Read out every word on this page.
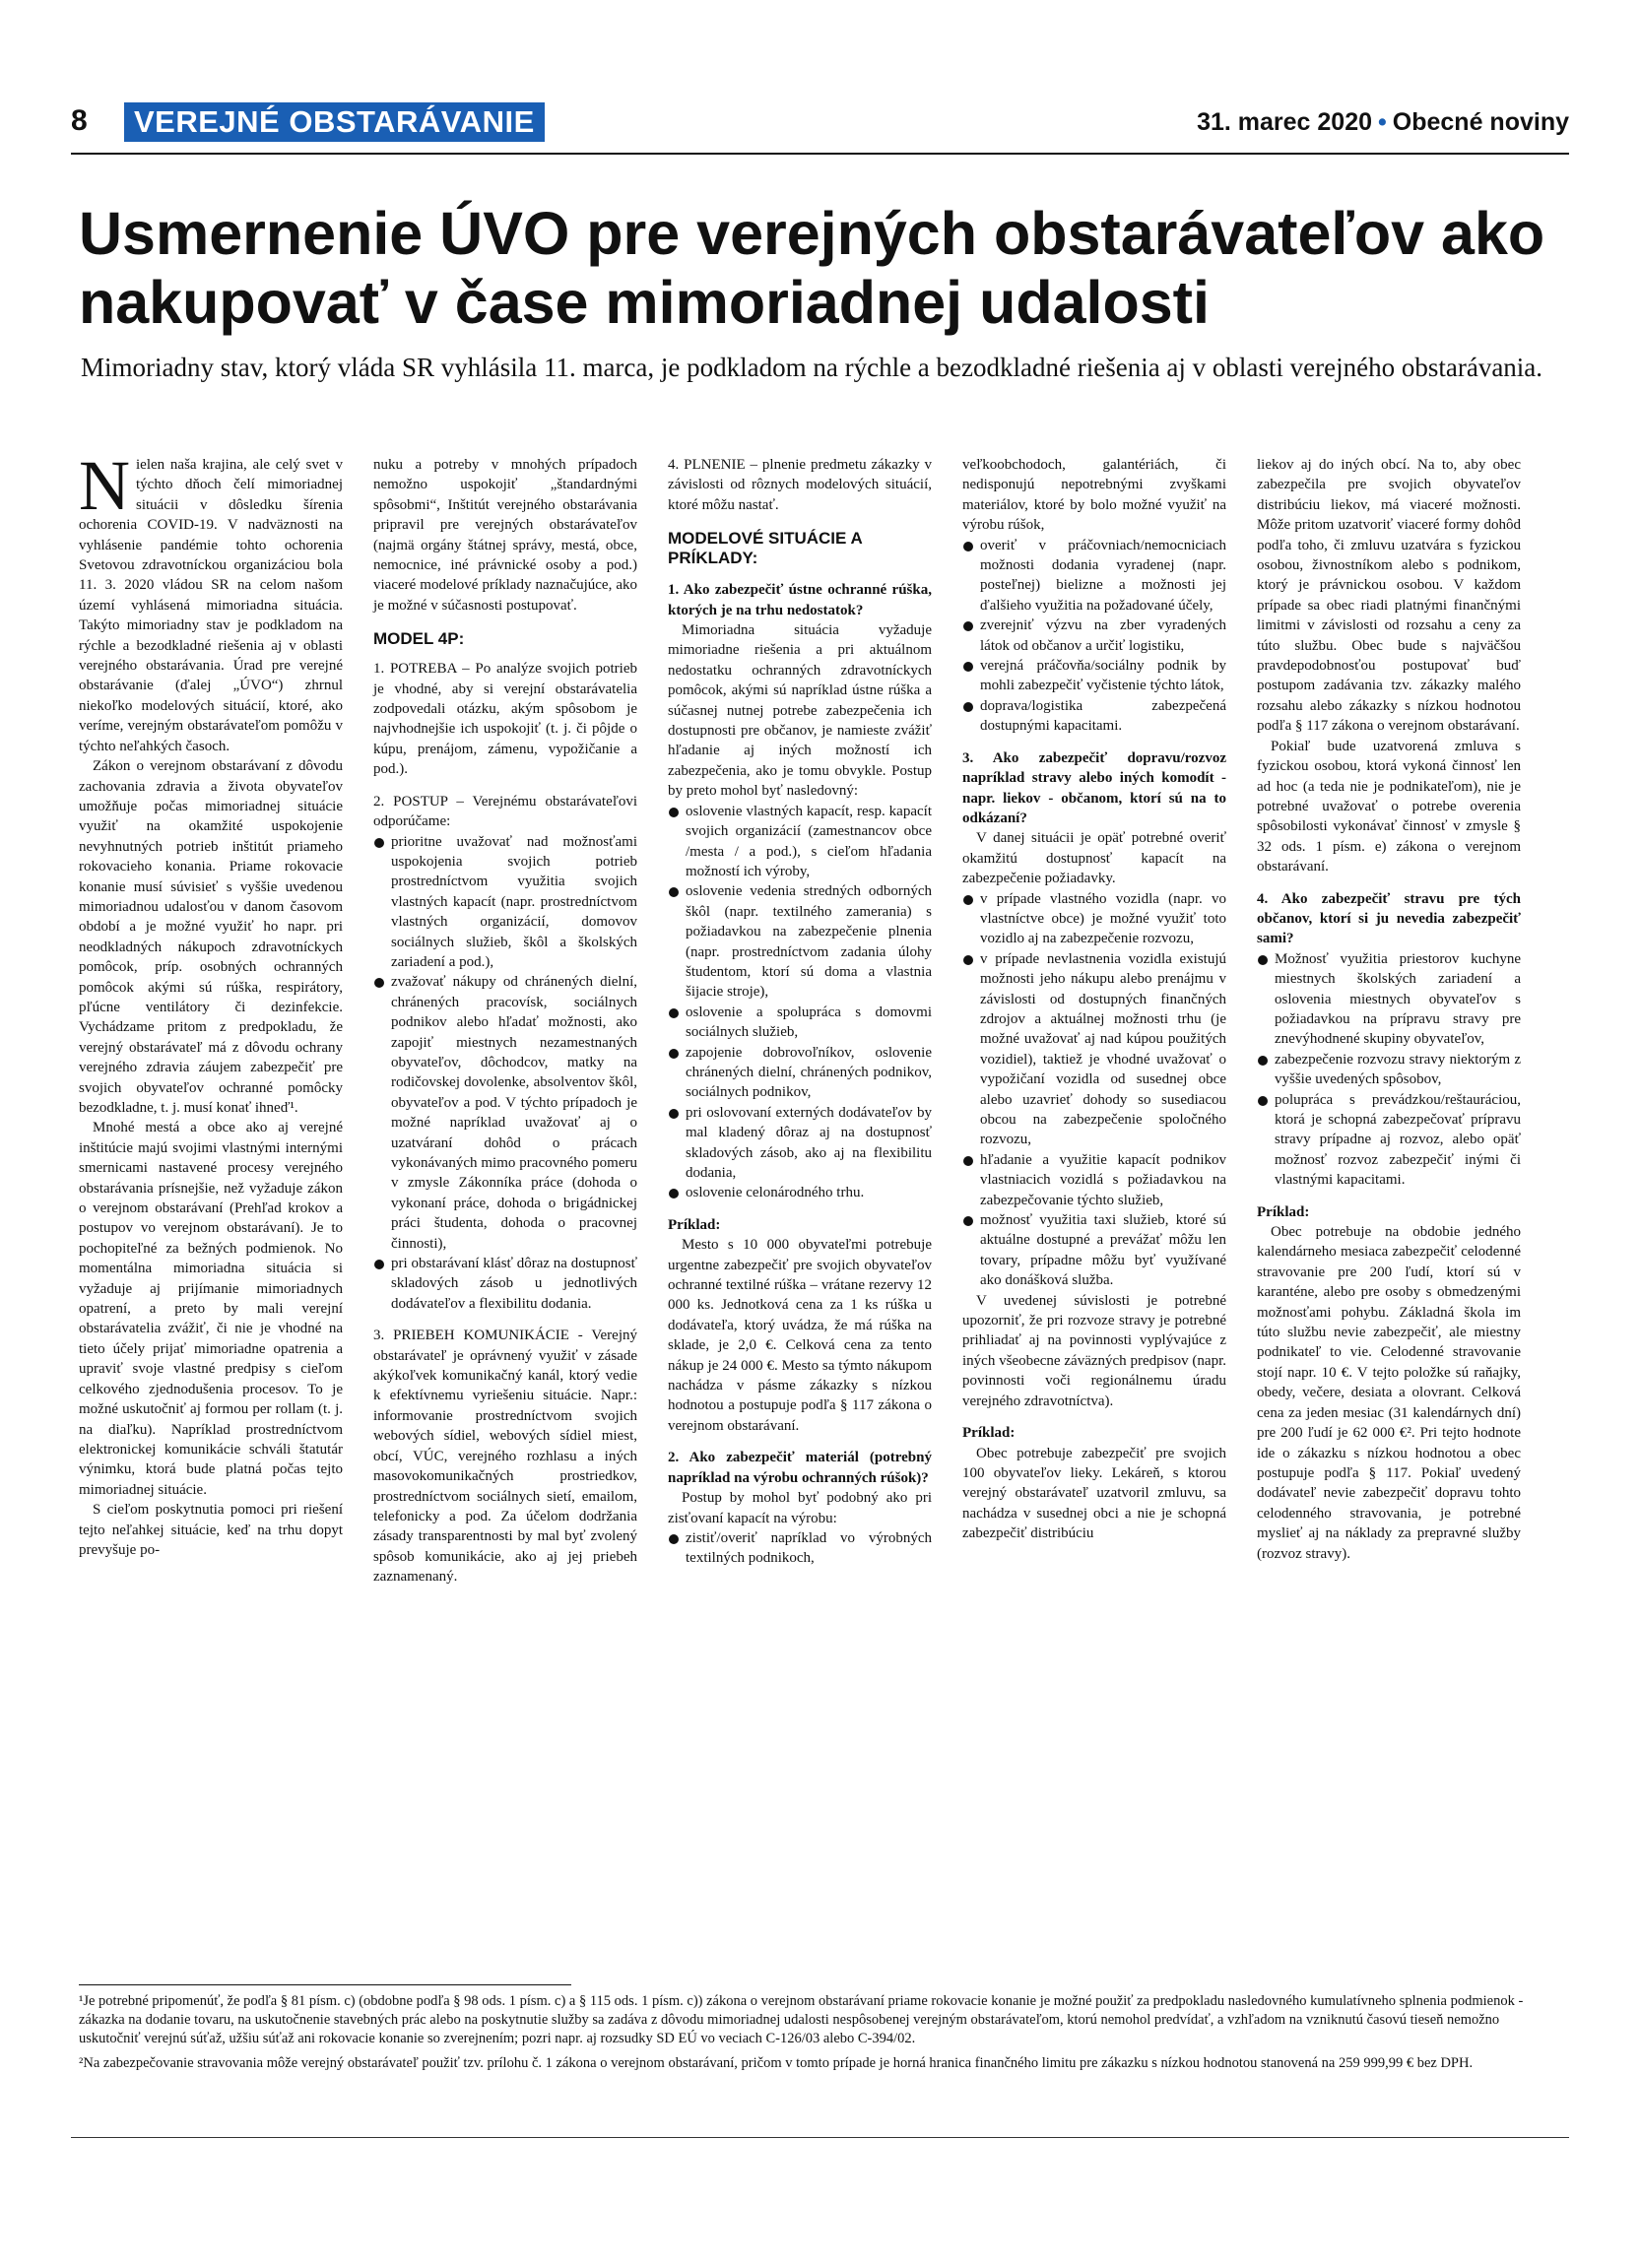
8	VEREJNÉ OBSTARÁVANIE	31. marec 2020 • Obecné noviny
Usmernenie ÚVO pre verejných obstarávateľov ako nakupovať v čase mimoriadnej udalosti

Mimoriadny stav, ktorý vláda SR vyhlásila 11. marca, je podkladom na rýchle a bezodkladné riešenia aj v oblasti verejného obstarávania.

Nielen naša krajina, ale celý svet v týchto dňoch čelí mimoriadnej situácii v dôsledku šírenia ochorenia COVID-19. V nadväznosti na vyhlásenie pandémie tohto ochorenia Svetovou zdravotníckou organizáciou bola 11. 3. 2020 vládou SR na celom našom území vyhlásená mimoriadna situácia. Takýto mimoriadny stav je podkladom na rýchle a bezodkladné riešenia aj v oblasti verejného obstarávania. Úrad pre verejné obstarávanie (ďalej „ÚVO“) zhrnul niekoľko modelových situácií, ktoré, ako veríme, verejným obstarávateľom pomôžu v týchto neľahkých časoch.

Zákon o verejnom obstarávaní z dôvodu zachovania zdravia a života obyvateľov umožňuje počas mimoriadnej situácie využiť na okamžité uspokojenie nevyhnutných potrieb inštitút priameho rokovacieho konania. Priame rokovacie konanie musí súvisieť s vyššie uvedenou mimoriadnou udalosťou v danom časovom období a je možné využiť ho napr. pri neodkladných nákupoch zdravotníckych pomôcok, príp. osobných ochranných pomôcok akými sú rúška, respirátory, pľúcne ventilátory či dezinfekcie. Vychádzame pritom z predpokladu, že verejný obstarávateľ má z dôvodu ochrany verejného zdravia záujem zabezpečiť pre svojich obyvateľov ochranné pomôcky bezodkladne, t. j. musí konať ihneď¹.

Mnohé mestá a obce ako aj verejné inštitúcie majú svojimi vlastnými internými smernicami nastavené procesy verejného obstarávania prísnejšie, než vyžaduje zákon o verejnom obstarávaní (Prehľad krokov a postupov vo verejnom obstarávaní). Je to pochopiteľné za bežných podmienok. No momentálna mimoriadna situácia si vyžaduje aj prijímanie mimoriadnych opatrení, a preto by mali verejní obstarávatelia zvážiť, či nie je vhodné na tieto účely prijať mimoriadne opatrenia a upraviť svoje vlastné predpisy s cieľom celkového zjednodušenia procesov. To je možné uskutočniť aj formou per rollam (t. j. na diaľku). Napríklad prostredníctvom elektronickej komunikácie schváli štatutár výnimku, ktorá bude platná počas tejto mimoriadnej situácie.

S cieľom poskytnutia pomoci pri riešení tejto neľahkej situácie, keď na trhu dopyt prevyšuje po-

nuku a potreby v mnohých prípadoch nemožno uspokojiť „štandardnými spôsobmi“, Inštitút verejného obstarávania pripravil pre verejných obstarávateľov (najmä orgány štátnej správy, mestá, obce, nemocnice, iné právnické osoby a pod.) viaceré modelové príklady naznačujúce, ako je možné v súčasnosti postupovať.

MODEL 4P:

1. POTREBA – Po analýze svojich potrieb je vhodné, aby si verejní obstarávatelia zodpovedali otázku, akým spôsobom je najvhodnejšie ich uspokojiť (t. j. či pôjde o kúpu, prenájom, zámenu, vypožičanie a pod.).

2. POSTUP – Verejnému obstarávateľovi odporúčame:

prioritne uvažovať nad možnosťami uspokojenia svojich potrieb prostredníctvom využitia svojich vlastných kapacít (napr. prostredníctvom vlastných organizácií, domovov sociálnych služieb, škôl a školských zariadení a pod.),
zvažovať nákupy od chránených dielní, chránených pracovísk, sociálnych podnikov alebo hľadať možnosti, ako zapojiť miestnych nezamestnaných obyvateľov, dôchodcov, matky na rodičovskej dovolenke, absolventov škôl, obyvateľov a pod. V týchto prípadoch je možné napríklad uvažovať aj o uzatváraní dohôd o prácach vykonávaných mimo pracovného pomeru v zmysle Zákonníka práce (dohoda o vykonaní práce, dohoda o brigádnickej práci študenta, dohoda o pracovnej činnosti),
pri obstarávaní klásť dôraz na dostupnosť skladových zásob u jednotlivých dodávateľov a flexibilitu dodania.

3. PRIEBEH KOMUNIKÁCIE - Verejný obstarávateľ je oprávnený využiť v zásade akýkoľvek komunikačný kanál, ktorý vedie k efektívnemu vyriešeniu situácie. Napr.: informovanie prostredníctvom svojich webových sídiel, webových sídiel miest, obcí, VÚC, verejného rozhlasu a iných masovokomunikačných prostriedkov, prostredníctvom sociálnych sietí, emailom, telefonicky a pod. Za účelom dodržania zásady transparentnosti by mal byť zvolený spôsob komunikácie, ako aj jej priebeh zaznamenaný.

4. PLNENIE – plnenie predmetu zákazky v závislosti od rôznych modelových situácií, ktoré môžu nastať.

MODELOVÉ SITUÁCIE A PRÍKLADY:

1. Ako zabezpečiť ústne ochranné rúška, ktorých je na trhu nedostatok?

Mimoriadna situácia vyžaduje mimoriadne riešenia a pri aktuálnom nedostatku ochranných zdravotníckych pomôcok, akými sú napríklad ústne rúška a súčasnej nutnej potrebe zabezpečenia ich dostupnosti pre občanov, je namieste zvážiť hľadanie aj iných možností ich zabezpečenia, ako je tomu obvykle. Postup by preto mohol byť nasledovný:

oslovenie vlastných kapacít, resp. kapacít svojich organizácií (zamestnancov obce /mesta / a pod.), s cieľom hľadania možností ich výroby,
oslovenie vedenia stredných odborných škôl (napr. textilného zamerania) s požiadavkou na zabezpečenie plnenia (napr. prostredníctvom zadania úlohy študentom, ktorí sú doma a vlastnia šijacie stroje),
oslovenie a spolupráca s domovmi sociálnych služieb,
zapojenie dobrovoľníkov, oslovenie chránených dielní, chránených podnikov, sociálnych podnikov,
pri oslovovaní externých dodávateľov by mal kladený dôraz aj na dostupnosť skladových zásob, ako aj na flexibilitu dodania,
oslovenie celonárodného trhu.

Príklad:

Mesto s 10 000 obyvateľmi potrebuje urgentne zabezpečiť pre svojich obyvateľov ochranné textilné rúška – vrátane rezervy 12 000 ks. Jednotková cena za 1 ks rúška u dodávateľa, ktorý uvádza, že má rúška na sklade, je 2,0 €. Celková cena za tento nákup je 24 000 €. Mesto sa týmto nákupom nachádza v pásme zákazky s nízkou hodnotou a postupuje podľa § 117 zákona o verejnom obstarávaní.

2. Ako zabezpečiť materiál (potrebný napríklad na výrobu ochranných rúšok)?

Postup by mohol byť podobný ako pri zisťovaní kapacít na výrobu:

zistiť/overiť napríklad vo výrobných textilných podnikoch,

veľkoobchodoch, galantériách, či nedisponujú nepotrebnými zvyškami materiálov, ktoré by bolo možné využiť na výrobu rúšok,

overiť v práčovniach/nemocniciach možnosti dodania vyradenej (napr. posteľnej) bielizne a možnosti jej ďalšieho využitia na požadované účely,
zverejniť výzvu na zber vyradených látok od občanov a určiť logistiku,
verejná práčovňa/sociálny podnik by mohli zabezpečiť vyčistenie týchto látok,
doprava/logistika zabezpečená dostupnými kapacitami.

3. Ako zabezpečiť dopravu/rozvoz napríklad stravy alebo iných komodít - napr. liekov - občanom, ktorí sú na to odkázaní?

V danej situácii je opäť potrebné overiť okamžitú dostupnosť kapacít na zabezpečenie požiadavky.

v prípade vlastného vozidla (napr. vo vlastníctve obce) je možné využiť toto vozidlo aj na zabezpečenie rozvozu,
v prípade nevlastnenia vozidla existujú možnosti jeho nákupu alebo prenájmu v závislosti od dostupných finančných zdrojov a aktuálnej možnosti trhu (je možné uvažovať aj nad kúpou použitých vozidiel), taktiež je vhodné uvažovať o vypožičaní vozidla od susednej obce alebo uzavrieť dohody so susediacou obcou na zabezpečenie spoločného rozvozu,
hľadanie a využitie kapacít podnikov vlastniacich vozidlá s požiadavkou na zabezpečovanie týchto služieb,
možnosť využitia taxi služieb, ktoré sú aktuálne dostupné a prevážať môžu len tovary, prípadne môžu byť využívané ako donášková služba.

V uvedenej súvislosti je potrebné upozorniť, že pri rozvoze stravy je potrebné prihliadať aj na povinnosti vyplývajúce z iných všeobecne záväzných predpisov (napr. povinnosti voči regionálnemu úradu verejného zdravotníctva).

Príklad:

Obec potrebuje zabezpečiť pre svojich 100 obyvateľov lieky. Lekáreň, s ktorou verejný obstarávateľ uzatvoril zmluvu, sa nachádza v susednej obci a nie je schopná zabezpečiť distribúciu

liekov aj do iných obcí. Na to, aby obec zabezpečila pre svojich obyvateľov distribúciu liekov, má viaceré možnosti. Môže pritom uzatvoriť viaceré formy dohôd podľa toho, či zmluvu uzatvára s fyzickou osobou, živnostníkom alebo s podnikom, ktorý je právnickou osobou. V každom prípade sa obec riadi platnými finančnými limitmi v závislosti od rozsahu a ceny za túto službu. Obec bude s najväčšou pravdepodobnosťou postupovať buď postupom zadávania tzv. zákazky malého rozsahu alebo zákazky s nízkou hodnotou podľa § 117 zákona o verejnom obstarávaní.

Pokiaľ bude uzatvorená zmluva s fyzickou osobou, ktorá vykoná činnosť len ad hoc (a teda nie je podnikateľom), nie je potrebné uvažovať o potrebe overenia spôsobilosti vykonávať činnosť v zmysle § 32 ods. 1 písm. e) zákona o verejnom obstarávaní.

4. Ako zabezpečiť stravu pre tých občanov, ktorí si ju nevedia zabezpečiť sami?

Možnosť využitia priestorov kuchyne miestnych školských zariadení a oslovenia miestnych obyvateľov s požiadavkou na prípravu stravy pre znevýhodnené skupiny obyvateľov,
zabezpečenie rozvozu stravy niektorým z vyššie uvedených spôsobov,
polupráca s prevádzkou/reštauráciou, ktorá je schopná zabezpečovať prípravu stravy prípadne aj rozvoz, alebo opäť možnosť rozvoz zabezpečiť inými či vlastnými kapacitami.

Príklad:

Obec potrebuje na obdobie jedného kalendárneho mesiaca zabezpečiť celodenné stravovanie pre 200 ľudí, ktorí sú v karanténe, alebo pre osoby s obmedzenými možnosťami pohybu. Základná škola im túto službu nevie zabezpečiť, ale miestny podnikateľ to vie. Celodenné stravovanie stojí napr. 10 €. V tejto položke sú raňajky, obedy, večere, desiata a olovrant. Celková cena za jeden mesiac (31 kalendárnych dní) pre 200 ľudí je 62 000 €². Pri tejto hodnote ide o zákazku s nízkou hodnotou a obec postupuje podľa § 117. Pokiaľ uvedený dodávateľ nevie zabezpečiť dopravu tohto celodenného stravovania, je potrebné myslieť aj na náklady za prepravné služby (rozvoz stravy).

¹Je potrebné pripomenúť, že podľa § 81 písm. c) (obdobne podľa § 98 ods. 1 písm. c) a § 115 ods. 1 písm. c)) zákona o verejnom obstarávaní priame rokovacie konanie je možné použiť za predpokladu nasledovného kumulatívneho splnenia podmienok - zákazka na dodanie tovaru, na uskutočnenie stavebných prác alebo na poskytnutie služby sa zadáva z dôvodu mimoriadnej udalosti nespôsobenej verejným obstarávateľom, ktorú nemohol predvídať, a vzhľadom na vzniknutú časovú tieseň nemožno uskutočniť verejnú súťaž, užšiu súťaž ani rokovacie konanie so zverejnením; pozri napr. aj rozsudky SD EÚ vo veciach C-126/03 alebo C-394/02.

²Na zabezpečovanie stravovania môže verejný obstarávateľ použiť tzv. prílohu č. 1 zákona o verejnom obstarávaní, pričom v tomto prípade je horná hranica finančného limitu pre zákazku s nízkou hodnotou stanovená na 259 999,99 € bez DPH.
